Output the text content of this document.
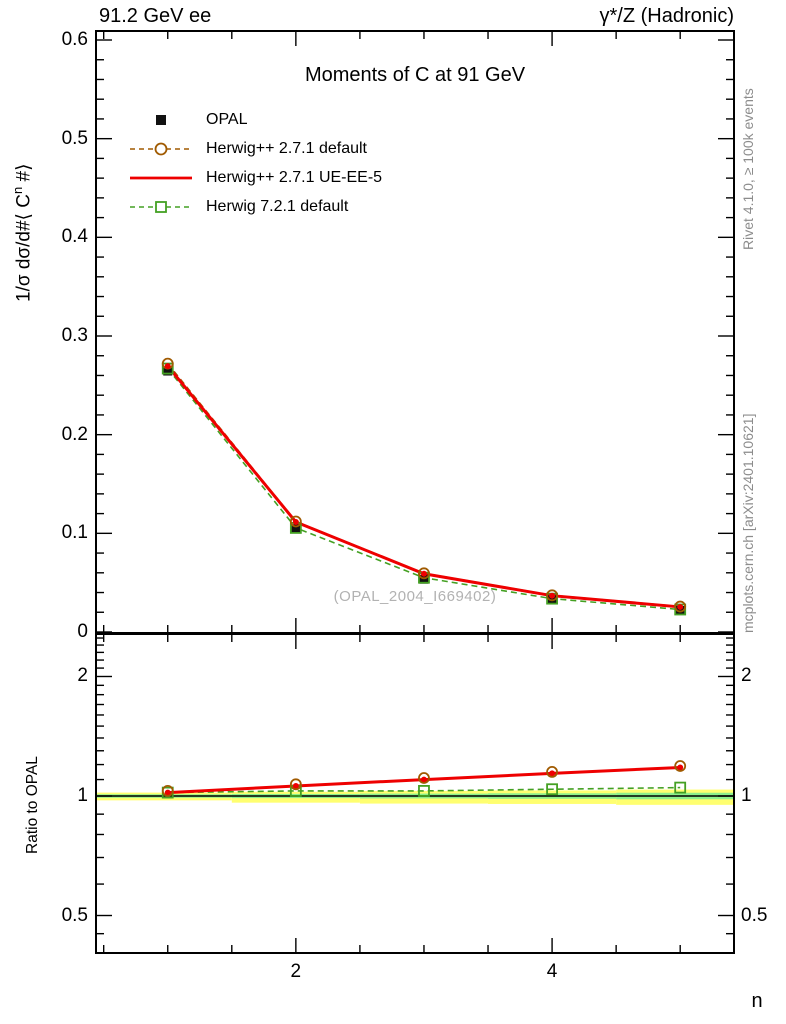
91.2 GeV ee	γ*/Z (Hadronic)
Moments of C at 91 GeV
OPAL
Herwig++ 2.7.1 default
Herwig++ 2.7.1 UE-EE-5
Herwig 7.2.1 default
(OPAL_2004_I669402)
Rivet 4.1.0, ≥ 100k events
mcplots.cern.ch [arXiv:2401.10621]
1/σ dσ/d#⟨ $C^n$ #⟩
Ratio to OPAL
n
0
0.1
0.2
0.3
0.4
0.5
0.6
0.5	0.5
1	1
2	2
2	4
